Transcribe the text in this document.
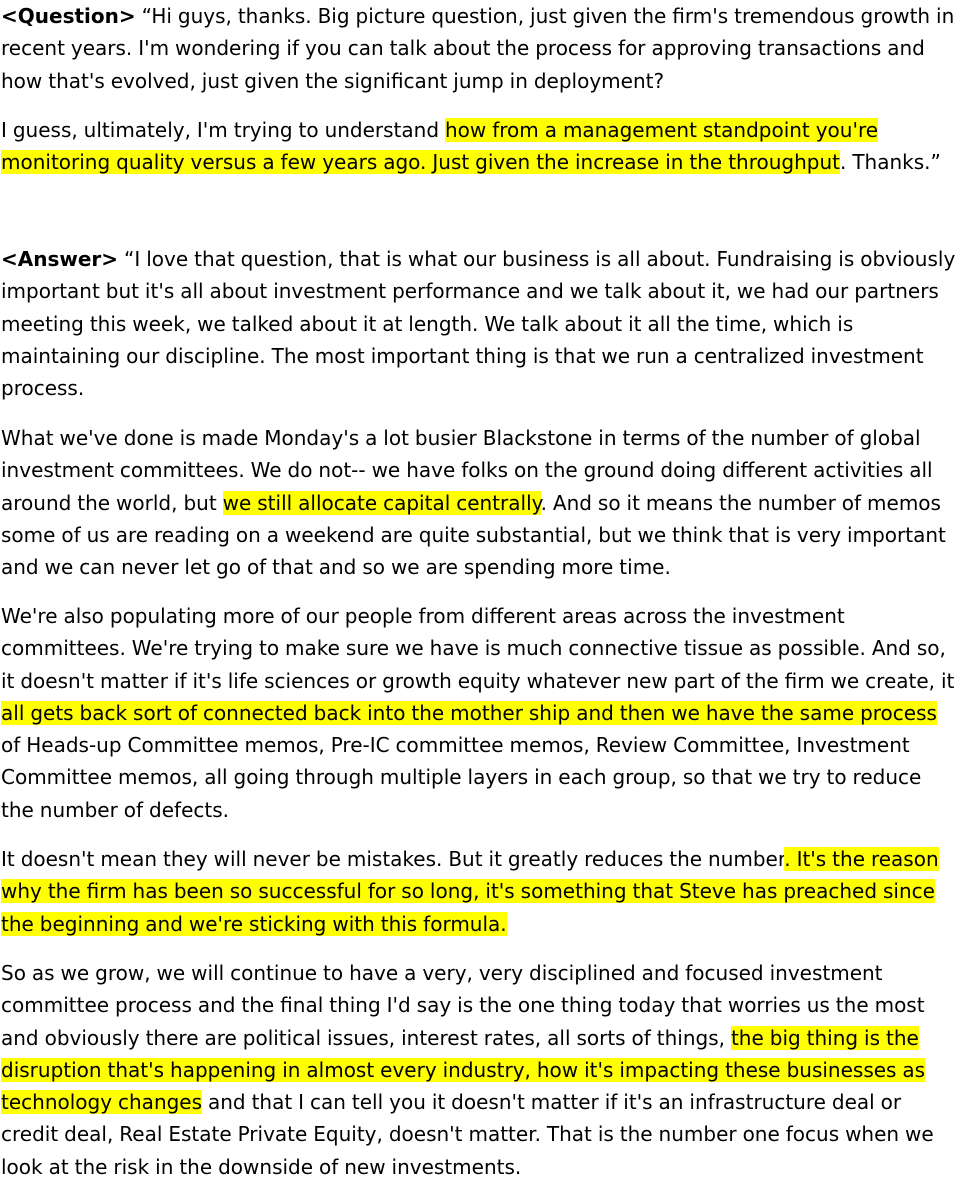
<Question> “Hi guys, thanks. Big picture question, just given the firm's tremendous growth in recent years. I'm wondering if you can talk about the process for approving transactions and how that's evolved, just given the significant jump in deployment?

I guess, ultimately, I'm trying to understand how from a management standpoint you're monitoring quality versus a few years ago. Just given the increase in the throughput. Thanks.”

<Answer> “I love that question, that is what our business is all about. Fundraising is obviously important but it's all about investment performance and we talk about it, we had our partners meeting this week, we talked about it at length. We talk about it all the time, which is maintaining our discipline. The most important thing is that we run a centralized investment process.

What we've done is made Monday's a lot busier Blackstone in terms of the number of global investment committees. We do not-- we have folks on the ground doing different activities all around the world, but we still allocate capital centrally. And so it means the number of memos some of us are reading on a weekend are quite substantial, but we think that is very important and we can never let go of that and so we are spending more time.

We're also populating more of our people from different areas across the investment committees. We're trying to make sure we have is much connective tissue as possible. And so, it doesn't matter if it's life sciences or growth equity whatever new part of the firm we create, it all gets back sort of connected back into the mother ship and then we have the same process of Heads-up Committee memos, Pre-IC committee memos, Review Committee, Investment Committee memos, all going through multiple layers in each group, so that we try to reduce the number of defects.

It doesn't mean they will never be mistakes. But it greatly reduces the number. It's the reason why the firm has been so successful for so long, it's something that Steve has preached since the beginning and we're sticking with this formula.

So as we grow, we will continue to have a very, very disciplined and focused investment committee process and the final thing I'd say is the one thing today that worries us the most and obviously there are political issues, interest rates, all sorts of things, the big thing is the disruption that's happening in almost every industry, how it's impacting these businesses as technology changes and that I can tell you it doesn't matter if it's an infrastructure deal or credit deal, Real Estate Private Equity, doesn't matter. That is the number one focus when we look at the risk in the downside of new investments.
